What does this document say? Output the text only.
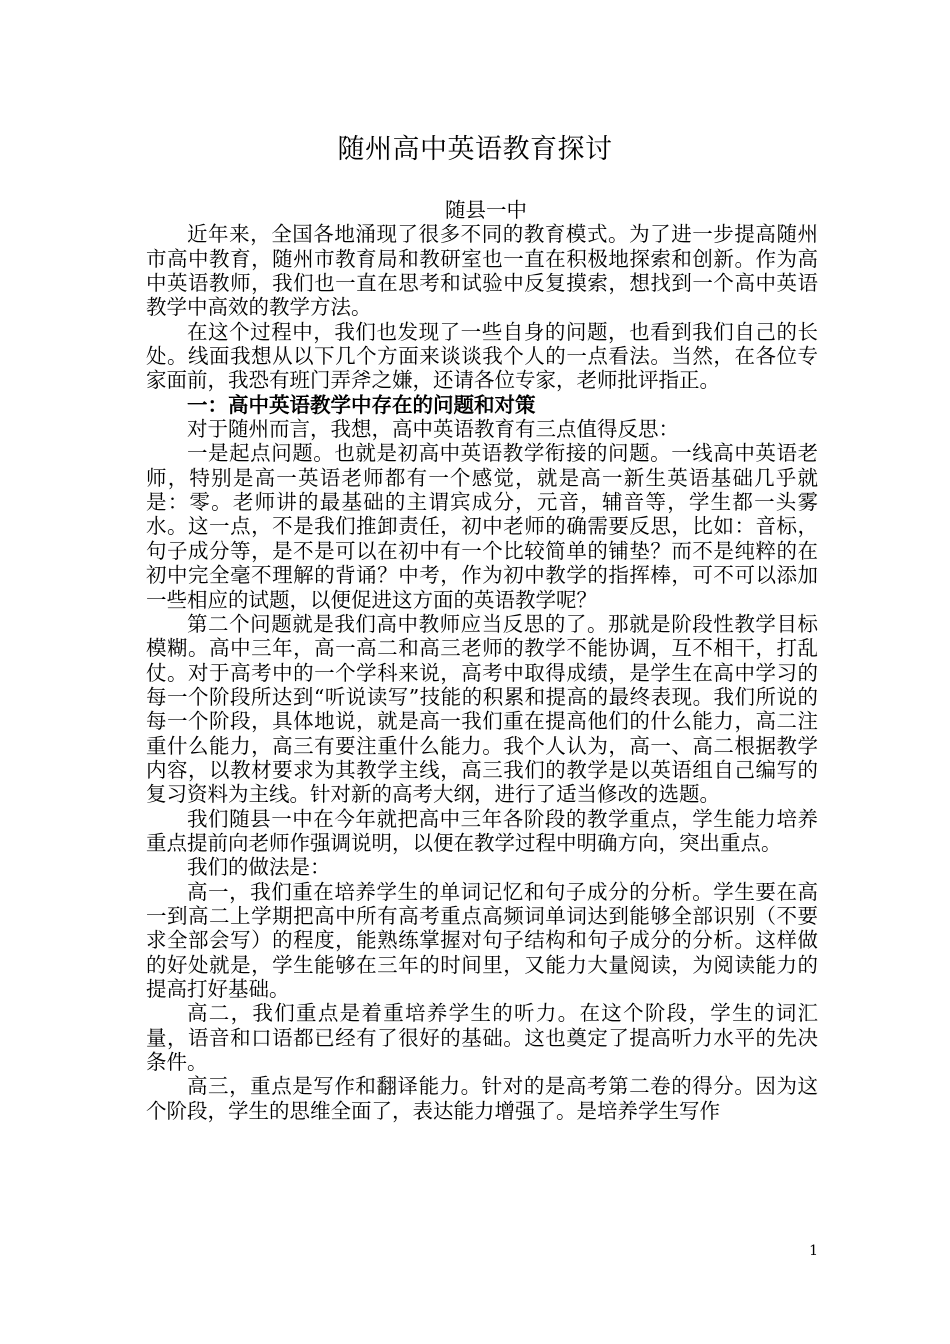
随州高中英语教育探讨
随县一中

近年来，全国各地涌现了很多不同的教育模式。为了进一步提高随州市高中教育，随州市教育局和教研室也一直在积极地探索和创新。作为高中英语教师，我们也一直在思考和试验中反复摸索，想找到一个高中英语教学中高效的教学方法。

在这个过程中，我们也发现了一些自身的问题，也看到我们自己的长处。线面我想从以下几个方面来谈谈我个人的一点看法。当然，在各位专家面前，我恐有班门弄斧之嫌，还请各位专家，老师批评指正。

一：高中英语教学中存在的问题和对策

对于随州而言，我想，高中英语教育有三点值得反思：

一是起点问题。也就是初高中英语教学衔接的问题。一线高中英语老师，特别是高一英语老师都有一个感觉，就是高一新生英语基础几乎就是：零。老师讲的最基础的主谓宾成分，元音，辅音等，学生都一头雾水。这一点，不是我们推卸责任，初中老师的确需要反思，比如：音标，句子成分等，是不是可以在初中有一个比较简单的铺垫？而不是纯粹的在初中完全毫不理解的背诵？中考，作为初中教学的指挥棒，可不可以添加一些相应的试题，以便促进这方面的英语教学呢？

第二个问题就是我们高中教师应当反思的了。那就是阶段性教学目标模糊。高中三年，高一高二和高三老师的教学不能协调，互不相干，打乱仗。对于高考中的一个学科来说，高考中取得成绩，是学生在高中学习的每一个阶段所达到“听说读写”技能的积累和提高的最终表现。我们所说的每一个阶段，具体地说，就是高一我们重在提高他们的什么能力，高二注重什么能力，高三有要注重什么能力。我个人认为，高一、高二根据教学内容，以教材要求为其教学主线，高三我们的教学是以英语组自己编写的复习资料为主线。针对新的高考大纲，进行了适当修改的选题。

我们随县一中在今年就把高中三年各阶段的教学重点，学生能力培养重点提前向老师作强调说明，以便在教学过程中明确方向，突出重点。

我们的做法是：

高一，我们重在培养学生的单词记忆和句子成分的分析。学生要在高一到高二上学期把高中所有高考重点高频词单词达到能够全部识别（不要求全部会写）的程度，能熟练掌握对句子结构和句子成分的分析。这样做的好处就是，学生能够在三年的时间里，又能力大量阅读，为阅读能力的提高打好基础。

高二，我们重点是着重培养学生的听力。在这个阶段，学生的词汇量，语音和口语都已经有了很好的基础。这也奠定了提高听力水平的先决条件。

高三，重点是写作和翻译能力。针对的是高考第二卷的得分。因为这个阶段，学生的思维全面了，表达能力增强了。是培养学生写作

1
